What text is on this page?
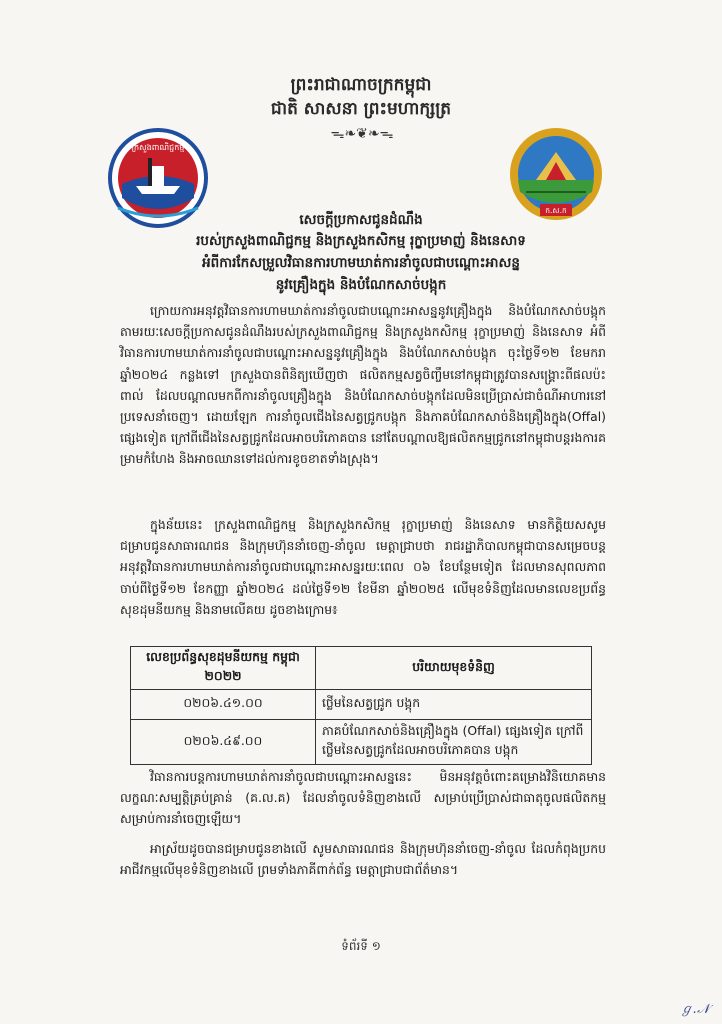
ព្រះរាជាណាចក្រកម្ពុជា
ជាតិ សាសនា ព្រះមហាក្សត្រ
ᯓ❧❦❧ᯓ
ក្រសួងពាណិជ្ជកម្ម
ក.ស.ក
សេចក្តីប្រកាសជូនដំណឹង
របស់ក្រសួងពាណិជ្ជកម្ម និងក្រសួងកសិកម្ម រុក្ខាប្រមាញ់ និងនេសាទ
អំពីការកែសម្រួលវិធានការហាមឃាត់ការនាំចូលជាបណ្តោះអាសន្ន
នូវគ្រឿងក្នុង និងបំណែកសាច់បង្កុក
ក្រោយការអនុវត្តវិធានការហាមឃាត់ការនាំចូលជាបណ្តោះអាសន្ននូវគ្រឿងក្នុង និងបំណែកសាច់បង្កុក តាមរយៈសេចក្តីប្រកាសជូនដំណឹងរបស់ក្រសួងពាណិជ្ជកម្ម និងក្រសួងកសិកម្ម រុក្ខាប្រមាញ់ និងនេសាទ អំពីវិធានការហាមឃាត់ការនាំចូលជាបណ្តោះអាសន្ននូវគ្រឿងក្នុង និងបំណែកសាច់បង្កុក ចុះថ្ងៃទី១២ ខែមករា ឆ្នាំ២០២៤ កន្លងទៅ ក្រសួងបានពិនិត្យឃើញថា ផលិតកម្មសត្វចិញ្ចឹមនៅកម្ពុជាត្រូវបានសង្គ្រោះពីផលប៉ះពាល់ ដែលបណ្តាលមកពីការនាំចូលគ្រឿងក្នុង និងបំណែកសាច់បង្កុកដែលមិនប្រើប្រាស់ជាចំណីអាហារនៅប្រទេសនាំចេញ។ ដោយឡែក ការនាំចូលជើងនៃសត្វជ្រូកបង្កុក និងភាគបំណែកសាច់និងគ្រឿងក្នុង(Offal) ផ្សេងទៀត ក្រៅពីជើងនៃសត្វជ្រូកដែលអាចបរិភោគបាន នៅតែបណ្តាលឱ្យផលិតកម្មជ្រូកនៅកម្ពុជាបន្តរងការគម្រាមកំហែង និងអាចឈានទៅដល់ការខូចខាតទាំងស្រុង។
ក្នុងន័យនេះ ក្រសួងពាណិជ្ជកម្ម និងក្រសួងកសិកម្ម រុក្ខាប្រមាញ់ និងនេសាទ មានកិត្តិយសសូមជម្រាបជូនសាធារណជន និងក្រុមហ៊ុននាំចេញ-នាំចូល មេត្តាជ្រាបថា រាជរដ្ឋាភិបាលកម្ពុជាបានសម្រេចបន្តអនុវត្តវិធានការហាមឃាត់ការនាំចូលជាបណ្តោះអាសន្នរយៈពេល ០៦ ខែបន្ថែមទៀត ដែលមានសុពលភាព ចាប់ពីថ្ងៃទី១២ ខែកញ្ញា ឆ្នាំ២០២៤ ដល់ថ្ងៃទី១២ ខែមីនា ឆ្នាំ២០២៥ លើមុខទំនិញដែលមានលេខប្រព័ន្ធសុខដុមនីយកម្ម និងនាមលើគយ ដូចខាងក្រោម៖
លេខប្រព័ន្ធសុខដុមនីយកម្ម កម្ពុជា ២០២២	បរិយាយមុខទំនិញ
០២០៦.៤១.០០	ថ្លើមនៃសត្វជ្រូក បង្កុក
០២០៦.៤៩.០០	ភាគបំណែកសាច់និងគ្រឿងក្នុង (Offal) ផ្សេងទៀត ក្រៅពីថ្លើមនៃសត្វជ្រូកដែលអាចបរិភោគបាន បង្កុក
វិធានការបន្តការហាមឃាត់ការនាំចូលជាបណ្តោះអាសន្ននេះ មិនអនុវត្តចំពោះគម្រោងវិនិយោគមានលក្ខណៈសម្បត្តិគ្រប់គ្រាន់ (គ.ល.គ) ដែលនាំចូលទំនិញខាងលើ សម្រាប់ប្រើប្រាស់ជាធាតុចូលផលិតកម្មសម្រាប់ការនាំចេញឡើយ។
អាស្រ័យដូចបានជម្រាបជូនខាងលើ សូមសាធារណជន និងក្រុមហ៊ុននាំចេញ-នាំចូល ដែលកំពុងប្រកបអាជីវកម្មលើមុខទំនិញខាងលើ ព្រមទាំងភាគីពាក់ព័ន្ធ មេត្តាជ្រាបជាព័ត៌មាន។
ទំព័រទី ១
ℊ.𝒩
